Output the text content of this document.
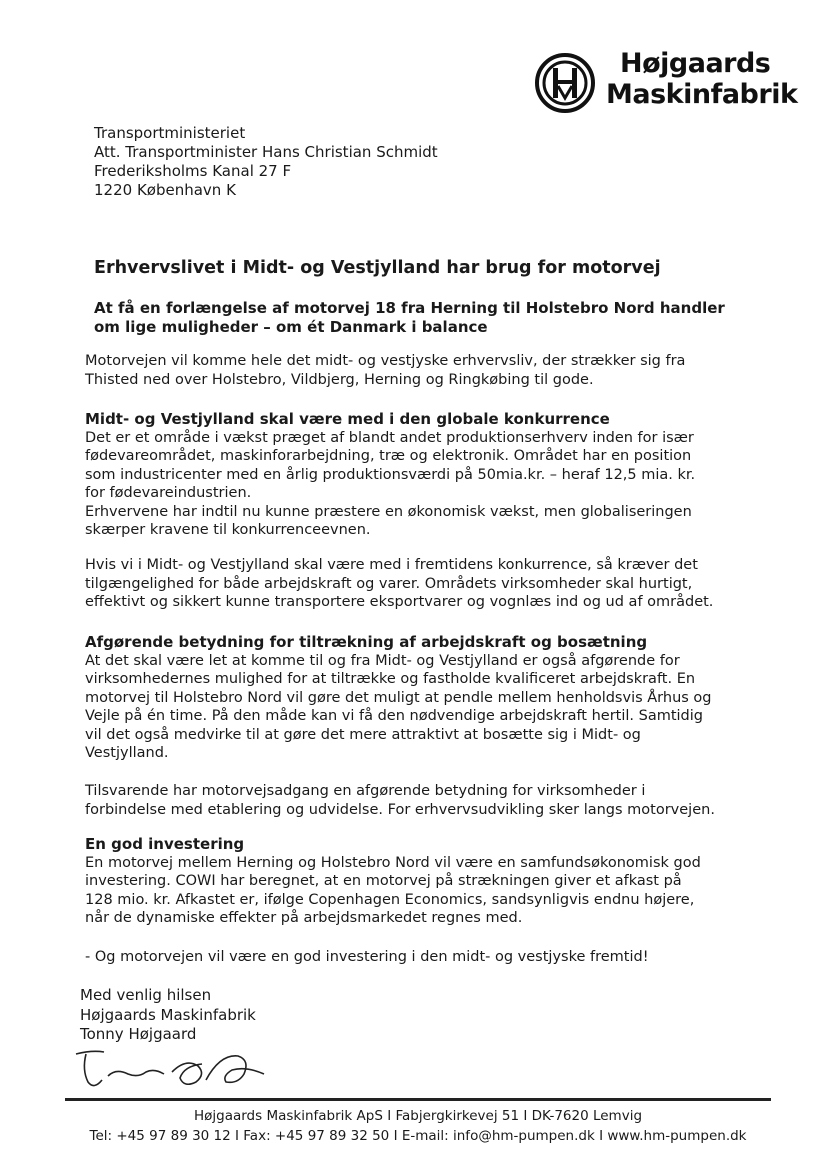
Højgaards
Maskinfabrik
Transportministeriet
Att. Transportminister Hans Christian Schmidt
Frederiksholms Kanal 27 F
1220 København K
Erhvervslivet i Midt- og Vestjylland har brug for motorvej
At få en forlængelse af motorvej 18 fra Herning til Holstebro Nord handler
om lige muligheder – om ét Danmark i balance
Motorvejen vil komme hele det midt- og vestjyske erhvervsliv, der strækker sig fra
Thisted ned over Holstebro, Vildbjerg, Herning og Ringkøbing til gode.
Midt- og Vestjylland skal være med i den globale konkurrence
Det er et område i vækst præget af blandt andet produktionserhverv inden for især
fødevareområdet, maskinforarbejdning, træ og elektronik. Området har en position
som industricenter med en årlig produktionsværdi på 50mia.kr. – heraf 12,5 mia. kr.
for fødevareindustrien.
Erhvervene har indtil nu kunne præstere en økonomisk vækst, men globaliseringen
skærper kravene til konkurrenceevnen.
Hvis vi i Midt- og Vestjylland skal være med i fremtidens konkurrence, så kræver det
tilgængelighed for både arbejdskraft og varer. Områdets virksomheder skal hurtigt,
effektivt og sikkert kunne transportere eksportvarer og vognlæs ind og ud af området.
Afgørende betydning for tiltrækning af arbejdskraft og bosætning
At det skal være let at komme til og fra Midt- og Vestjylland er også afgørende for
virksomhedernes mulighed for at tiltrække og fastholde kvalificeret arbejdskraft. En
motorvej til Holstebro Nord vil gøre det muligt at pendle mellem henholdsvis Århus og
Vejle på én time. På den måde kan vi få den nødvendige arbejdskraft hertil. Samtidig
vil det også medvirke til at gøre det mere attraktivt at bosætte sig i Midt- og
Vestjylland.
Tilsvarende har motorvejsadgang en afgørende betydning for virksomheder i
forbindelse med etablering og udvidelse. For erhvervsudvikling sker langs motorvejen.
En god investering
En motorvej mellem Herning og Holstebro Nord vil være en samfundsøkonomisk god
investering. COWI har beregnet, at en motorvej på strækningen giver et afkast på
128 mio. kr. Afkastet er, ifølge Copenhagen Economics, sandsynligvis endnu højere,
når de dynamiske effekter på arbejdsmarkedet regnes med.
- Og motorvejen vil være en god investering i den midt- og vestjyske fremtid!
Med venlig hilsen
Højgaards Maskinfabrik
Tonny Højgaard
Højgaards Maskinfabrik ApS I Fabjergkirkevej 51 I DK-7620 Lemvig
Tel: +45 97 89 30 12 I Fax: +45 97 89 32 50 I E-mail: info@hm-pumpen.dk I www.hm-pumpen.dk
